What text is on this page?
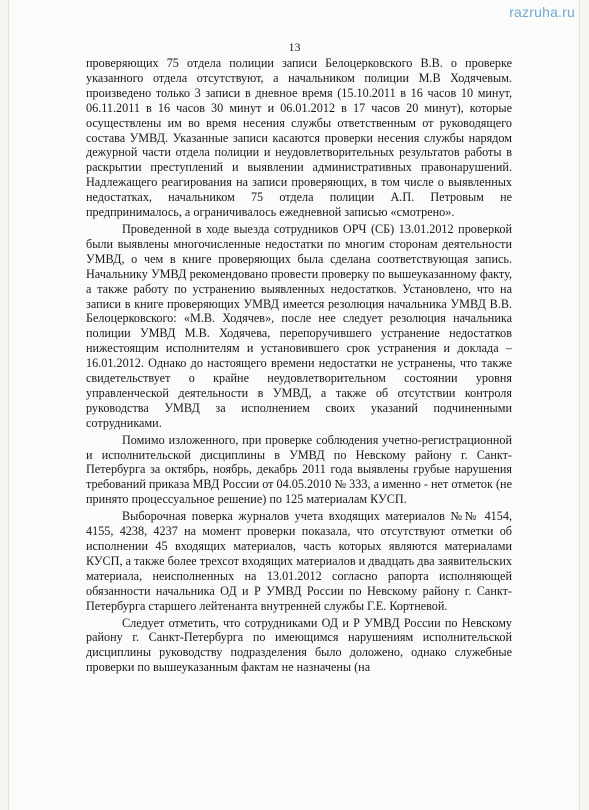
razruha.ru
13

проверяющих 75 отдела полиции записи Белоцерковского В.В. о проверке указанного отдела отсутствуют, а начальником полиции М.В Ходячевым. произведено только 3 записи в дневное время (15.10.2011 в 16 часов 10 минут, 06.11.2011 в 16 часов 30 минут и 06.01.2012 в 17 часов 20 минут), которые осуществлены им во время несения службы ответственным от руководящего состава УМВД. Указанные записи касаются проверки несения службы нарядом дежурной части отдела полиции и неудовлетворительных результатов работы в раскрытии преступлений и выявлении административных правонарушений. Надлежащего реагирования на записи проверяющих, в том числе о выявленных недостатках, начальником 75 отдела полиции А.П. Петровым не предпринималось, а ограничивалось ежедневной записью «смотрено».

Проведенной в ходе выезда сотрудников ОРЧ (СБ) 13.01.2012 проверкой были выявлены многочисленные недостатки по многим сторонам деятельности УМВД, о чем в книге проверяющих была сделана соответствующая запись. Начальнику УМВД рекомендовано провести проверку по вышеуказанному факту, а также работу по устранению выявленных недостатков. Установлено, что на записи в книге проверяющих УМВД имеется резолюция начальника УМВД В.В. Белоцерковского: «М.В. Ходячев», после нее следует резолюция начальника полиции УМВД М.В. Ходячева, перепоручившего устранение недостатков нижестоящим исполнителям и установившего срок устранения и доклада – 16.01.2012. Однако до настоящего времени недостатки не устранены, что также свидетельствует о крайне неудовлетворительном состоянии уровня управленческой деятельности в УМВД, а также об отсутствии контроля руководства УМВД за исполнением своих указаний подчиненными сотрудниками.

Помимо изложенного, при проверке соблюдения учетно-регистрационной и исполнительской дисциплины в УМВД по Невскому району г. Санкт-Петербурга за октябрь, ноябрь, декабрь 2011 года выявлены грубые нарушения требований приказа МВД России от 04.05.2010 № 333, а именно - нет отметок (не принято процессуальное решение) по 125 материалам КУСП.

Выборочная поверка журналов учета входящих материалов №№ 4154, 4155, 4238, 4237 на момент проверки показала, что отсутствуют отметки об исполнении 45 входящих материалов, часть которых являются материалами КУСП, а также более трехсот входящих материалов и двадцать два заявительских материала, неисполненных на 13.01.2012 согласно рапорта исполняющей обязанности начальника ОД и Р УМВД России по Невскому району г. Санкт-Петербурга старшего лейтенанта внутренней службы Г.Е. Кортневой.

Следует отметить, что сотрудниками ОД и Р УМВД России по Невскому району г. Санкт-Петербурга по имеющимся нарушениям исполнительской дисциплины руководству подразделения было доложено, однако служебные проверки по вышеуказанным фактам не назначены (на
